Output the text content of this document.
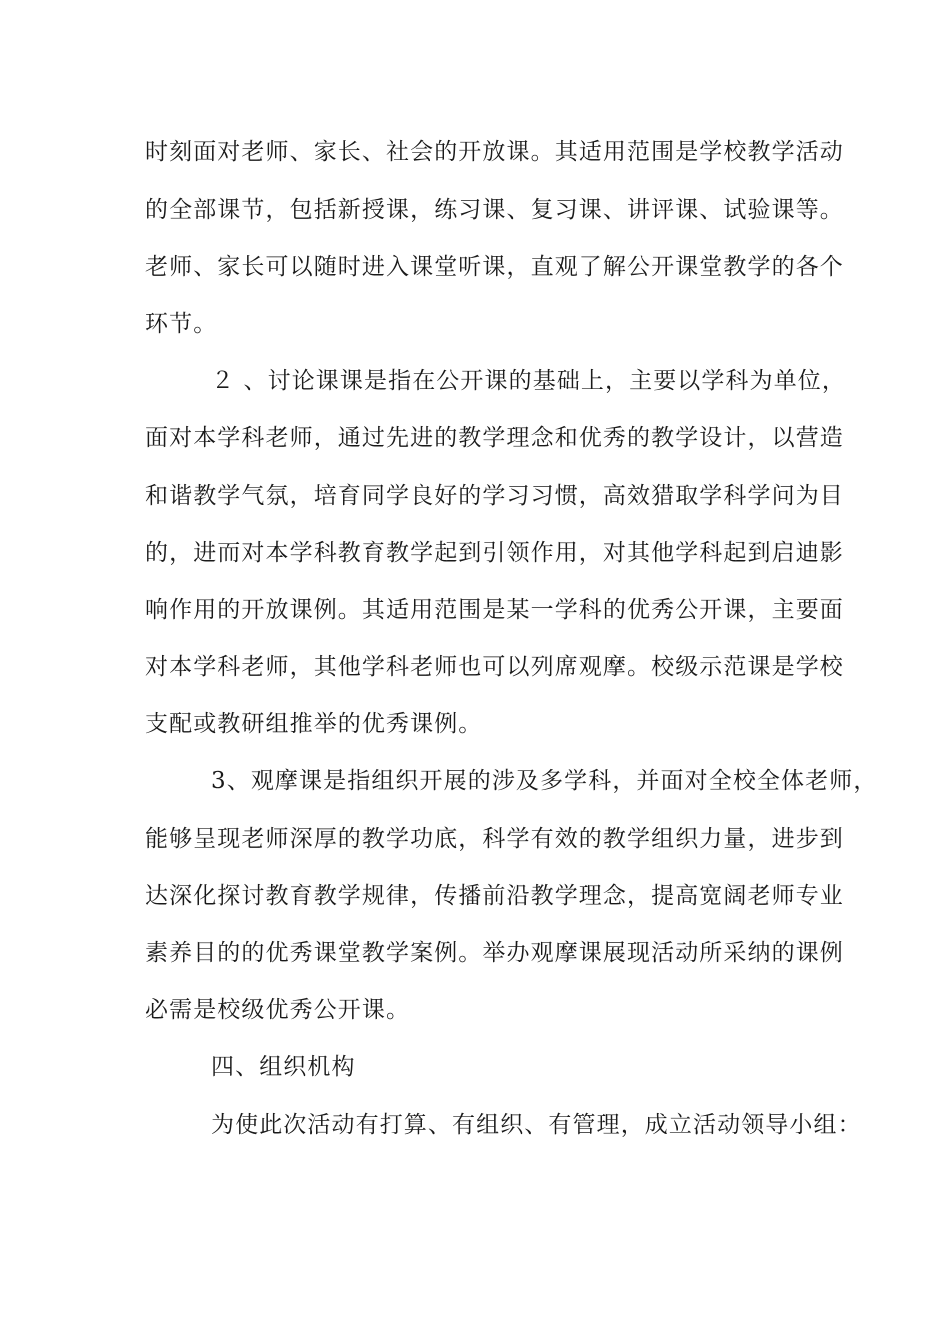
时刻面对老师、家长、社会的开放课。其适用范围是学校教学活动
的全部课节，包括新授课，练习课、复习课、讲评课、试验课等。
老师、家长可以随时进入课堂听课，直观了解公开课堂教学的各个
环节。
２ 、讨论课课是指在公开课的基础上，主要以学科为单位，
面对本学科老师，通过先进的教学理念和优秀的教学设计，以营造
和谐教学气氛，培育同学良好的学习习惯，高效猎取学科学问为目
的，进而对本学科教育教学起到引领作用，对其他学科起到启迪影
响作用的开放课例。其适用范围是某一学科的优秀公开课，主要面
对本学科老师，其他学科老师也可以列席观摩。校级示范课是学校
支配或教研组推举的优秀课例。
3、观摩课是指组织开展的涉及多学科，并面对全校全体老师，
能够呈现老师深厚的教学功底，科学有效的教学组织力量，进步到
达深化探讨教育教学规律，传播前沿教学理念，提高宽阔老师专业
素养目的的优秀课堂教学案例。举办观摩课展现活动所采纳的课例
必需是校级优秀公开课。
四、组织机构
为使此次活动有打算、有组织、有管理，成立活动领导小组：
